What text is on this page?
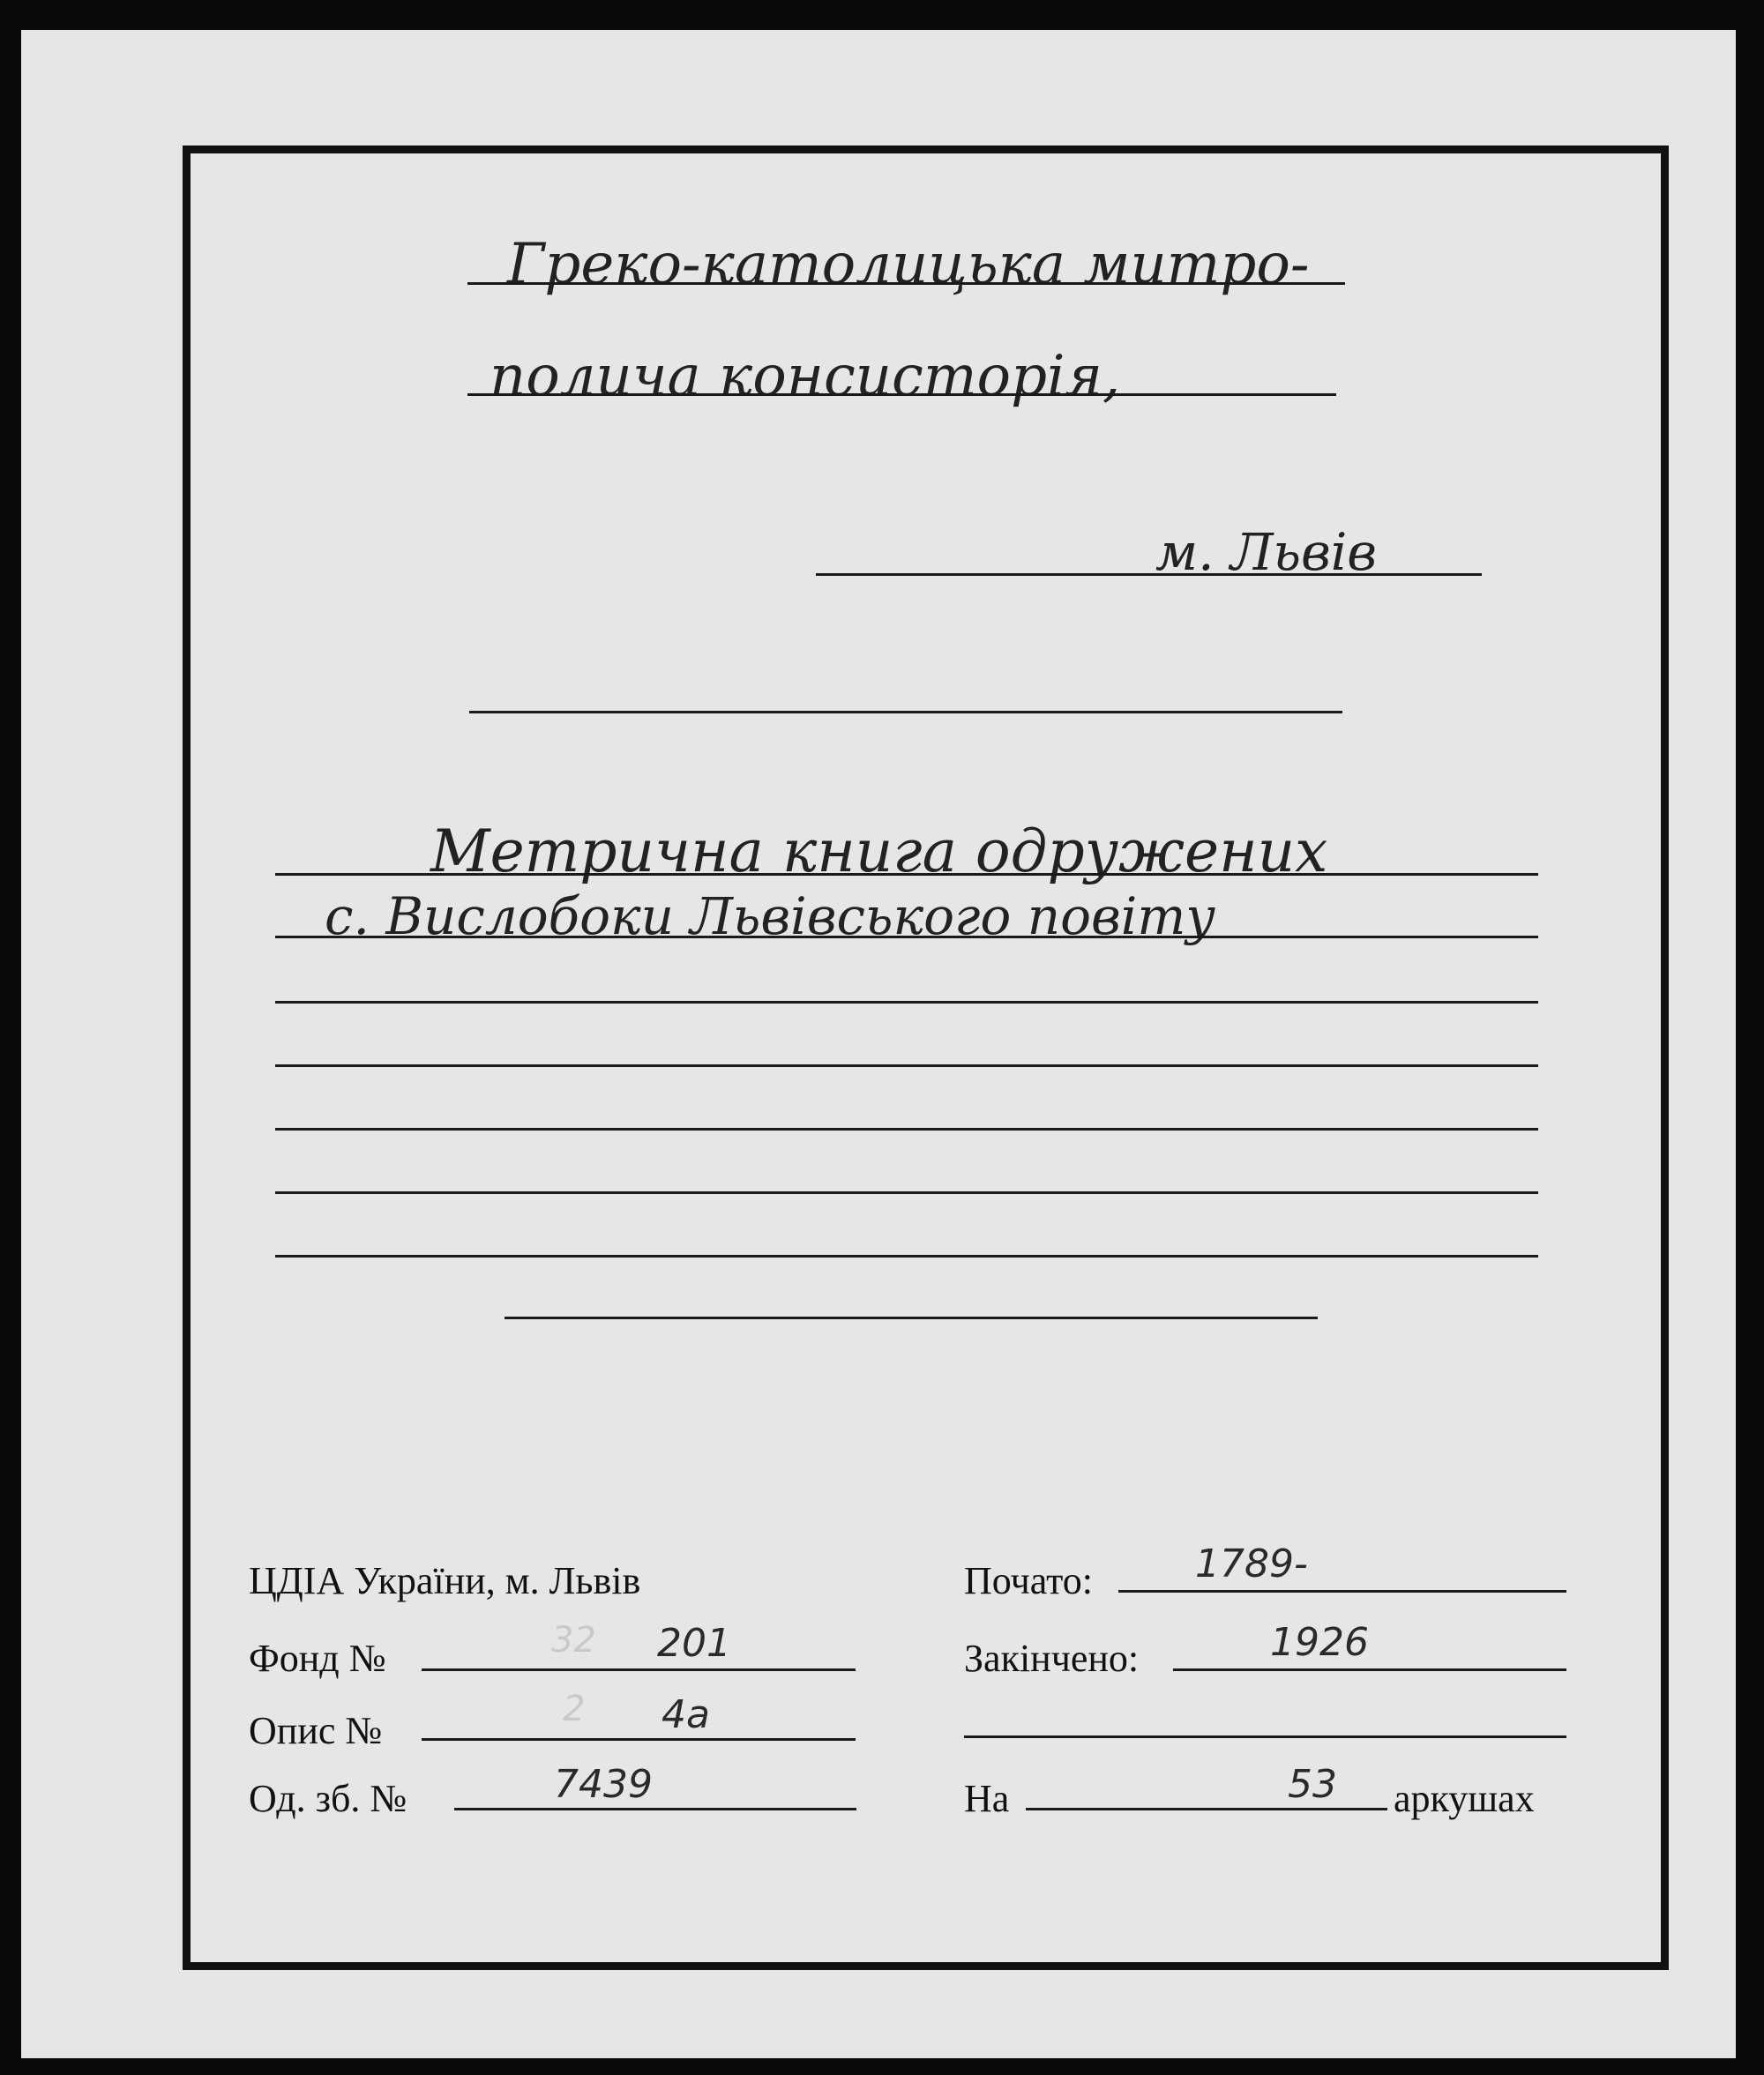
Греко-католицька митро-
полича консисторія,
м. Львів
Метрична книга одружених
с. Вислобоки Львівського повіту
ЦДІА України, м. Львів
Фонд №	32 201
Опис №	2 4а
Од. зб. №	7439
Почато:	1789-
Закінчено:	1926
На	53 аркушах
